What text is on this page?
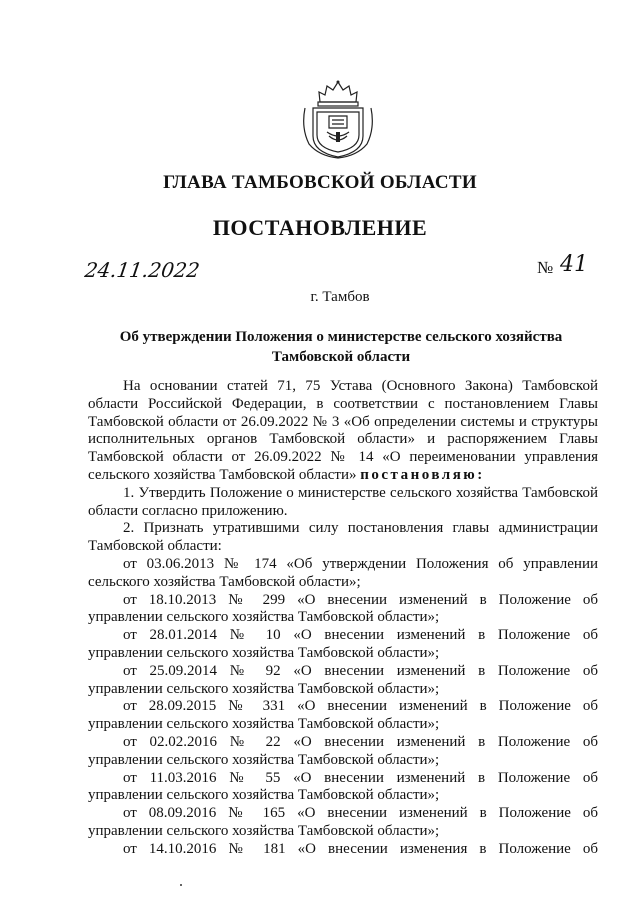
ГЛАВА ТАМБОВСКОЙ ОБЛАСТИ
ПОСТАНОВЛЕНИЕ
24.11.2022	№ 41
г. Тамбов
Об утверждении Положения о министерстве сельского хозяйства
Тамбовской области

На основании статей 71, 75 Устава (Основного Закона) Тамбовской области Российской Федерации, в соответствии с постановлением Главы Тамбовской области от 26.09.2022 № 3 «Об определении системы и структуры исполнительных органов Тамбовской области» и распоряжением Главы Тамбовской области от 26.09.2022 № 14 «О переименовании управления сельского хозяйства Тамбовской области» постановляю:

1. Утвердить Положение о министерстве сельского хозяйства Тамбовской области согласно приложению.

2. Признать утратившими силу постановления главы администрации Тамбовской области:

от 03.06.2013 № 174 «Об утверждении Положения об управлении
сельского хозяйства Тамбовской области»;
от 18.10.2013 № 299 «О внесении изменений в Положение об
управлении сельского хозяйства Тамбовской области»;
от 28.01.2014 № 10 «О внесении изменений в Положение об
управлении сельского хозяйства Тамбовской области»;
от 25.09.2014 № 92 «О внесении изменений в Положение об
управлении сельского хозяйства Тамбовской области»;
от 28.09.2015 № 331 «О внесении изменений в Положение об
управлении сельского хозяйства Тамбовской области»;
от 02.02.2016 № 22 «О внесении изменений в Положение об
управлении сельского хозяйства Тамбовской области»;
от 11.03.2016 № 55 «О внесении изменений в Положение об
управлении сельского хозяйства Тамбовской области»;
от 08.09.2016 № 165 «О внесении изменений в Положение об
управлении сельского хозяйства Тамбовской области»;
от 14.10.2016 № 181 «О внесении изменения в Положение об
